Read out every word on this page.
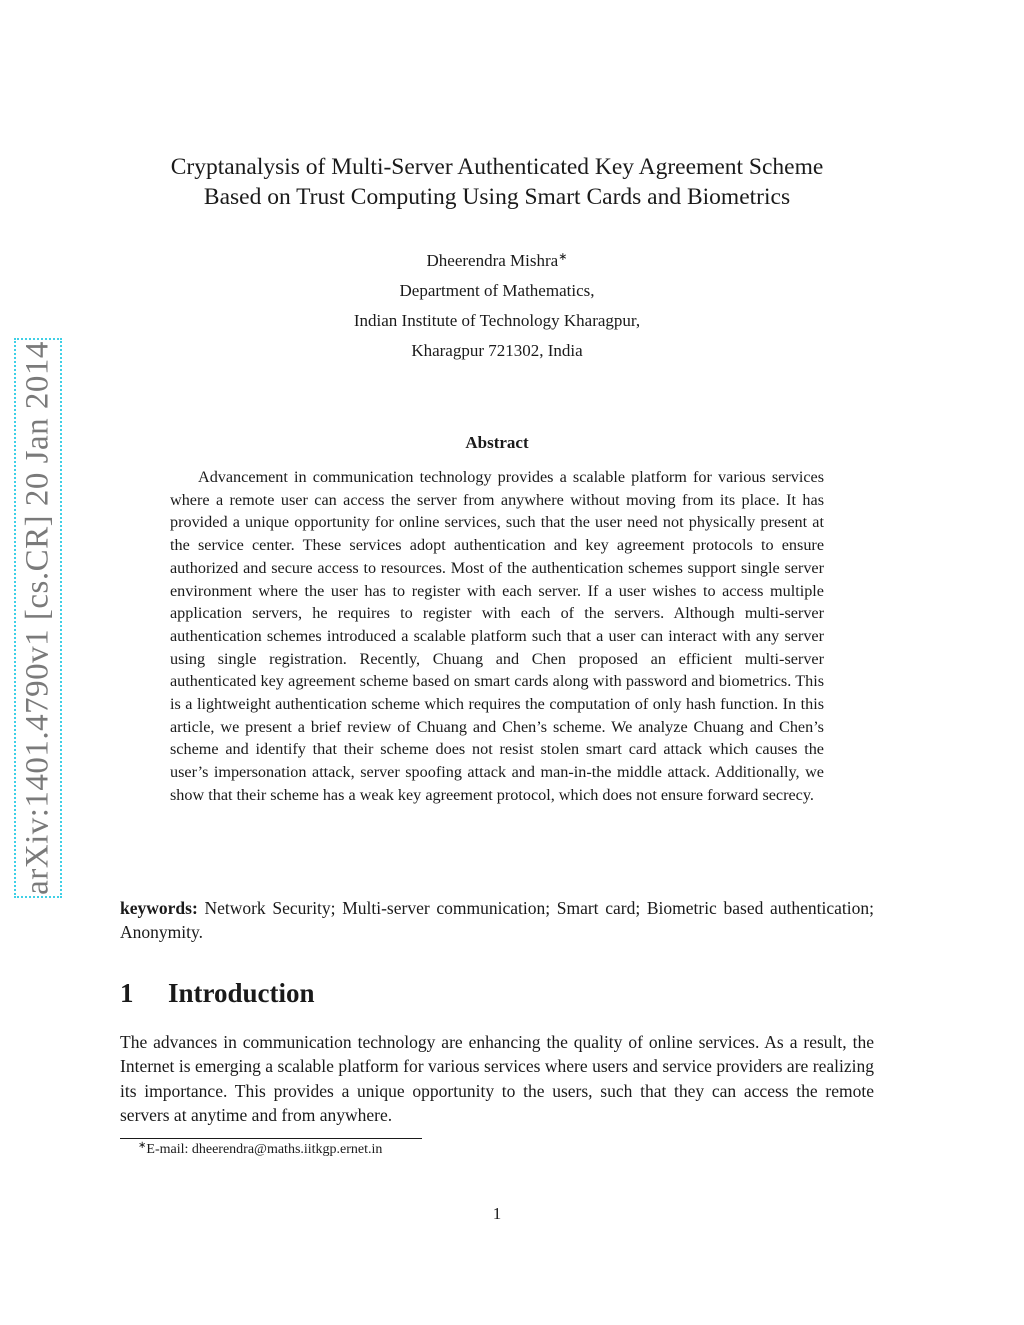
arXiv:1401.4790v1 [cs.CR] 20 Jan 2014
Cryptanalysis of Multi-Server Authenticated Key Agreement Scheme
Based on Trust Computing Using Smart Cards and Biometrics
Dheerendra Mishra∗
Department of Mathematics,
Indian Institute of Technology Kharagpur,
Kharagpur 721302, India
Abstract

Advancement in communication technology provides a scalable platform for various services where a remote user can access the server from anywhere without moving from its place. It has provided a unique opportunity for online services, such that the user need not physically present at the service center. These services adopt authentication and key agreement protocols to ensure authorized and secure access to resources. Most of the authentication schemes support single server environment where the user has to register with each server. If a user wishes to access multiple application servers, he requires to register with each of the servers. Although multi-server authentication schemes introduced a scalable platform such that a user can interact with any server using single registration. Recently, Chuang and Chen proposed an efficient multi-server authenticated key agreement scheme based on smart cards along with password and biometrics. This is a lightweight authentication scheme which requires the computation of only hash function. In this article, we present a brief review of Chuang and Chen’s scheme. We analyze Chuang and Chen’s scheme and identify that their scheme does not resist stolen smart card attack which causes the user’s impersonation attack, server spoofing attack and man-in-the middle attack. Additionally, we show that their scheme has a weak key agreement protocol, which does not ensure forward secrecy.

keywords: Network Security; Multi-server communication; Smart card; Biometric based authentication; Anonymity.
1 Introduction

The advances in communication technology are enhancing the quality of online services. As a result, the Internet is emerging a scalable platform for various services where users and service providers are realizing its importance. This provides a unique opportunity to the users, such that they can access the remote servers at anytime and from anywhere.

∗E-mail: dheerendra@maths.iitkgp.ernet.in
1
